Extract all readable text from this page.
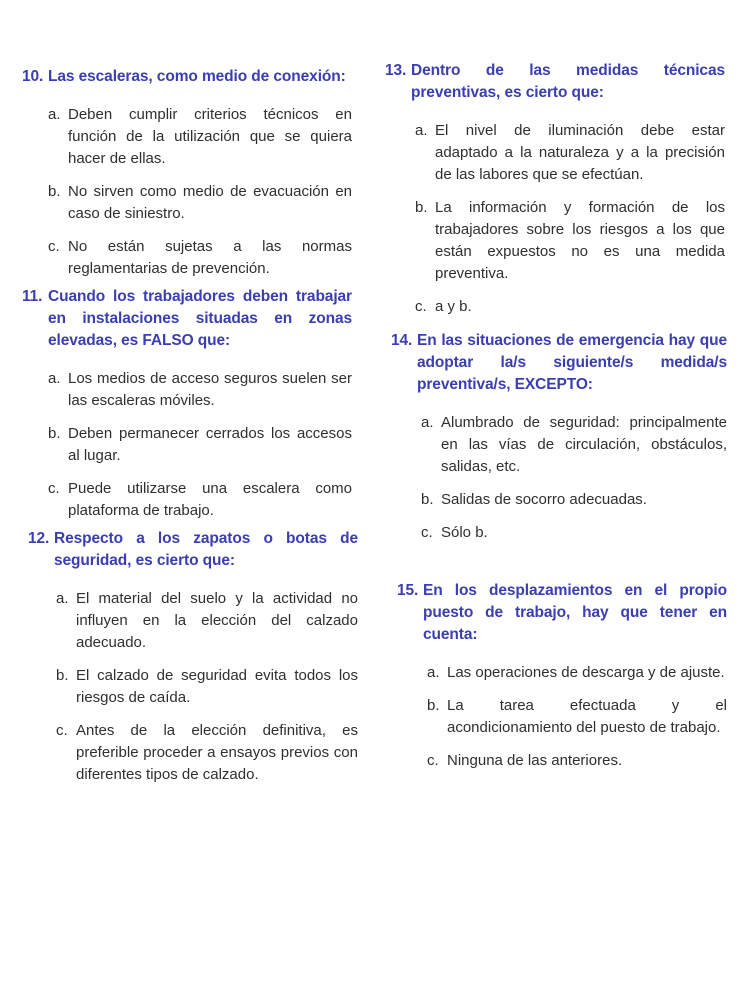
10. Las escaleras, como medio de conexión:
a. Deben cumplir criterios técnicos en función de la utilización que se quiera hacer de ellas.
b. No sirven como medio de evacuación en caso de siniestro.
c. No están sujetas a las normas reglamentarias de prevención.
11. Cuando los trabajadores deben trabajar en instalaciones situadas en zonas elevadas, es FALSO que:
a. Los medios de acceso seguros suelen ser las escaleras móviles.
b. Deben permanecer cerrados los accesos al lugar.
c. Puede utilizarse una escalera como plataforma de trabajo.
12. Respecto a los zapatos o botas de seguridad, es cierto que:
a. El material del suelo y la actividad no influyen en la elección del calzado adecuado.
b. El calzado de seguridad evita todos los riesgos de caída.
c. Antes de la elección definitiva, es preferible proceder a ensayos previos con diferentes tipos de calzado.
13. Dentro de las medidas técnicas preventivas, es cierto que:
a. El nivel de iluminación debe estar adaptado a la naturaleza y a la precisión de las labores que se efectúan.
b. La información y formación de los trabajadores sobre los riesgos a los que están expuestos no es una medida preventiva.
c. a y b.
14. En las situaciones de emergencia hay que adoptar la/s siguiente/s medida/s preventiva/s, EXCEPTO:
a. Alumbrado de seguridad: principalmente en las vías de circulación, obstáculos, salidas, etc.
b. Salidas de socorro adecuadas.
c. Sólo b.
15. En los desplazamientos en el propio puesto de trabajo, hay que tener en cuenta:
a. Las operaciones de descarga y de ajuste.
b. La tarea efectuada y el acondicionamiento del puesto de trabajo.
c. Ninguna de las anteriores.
